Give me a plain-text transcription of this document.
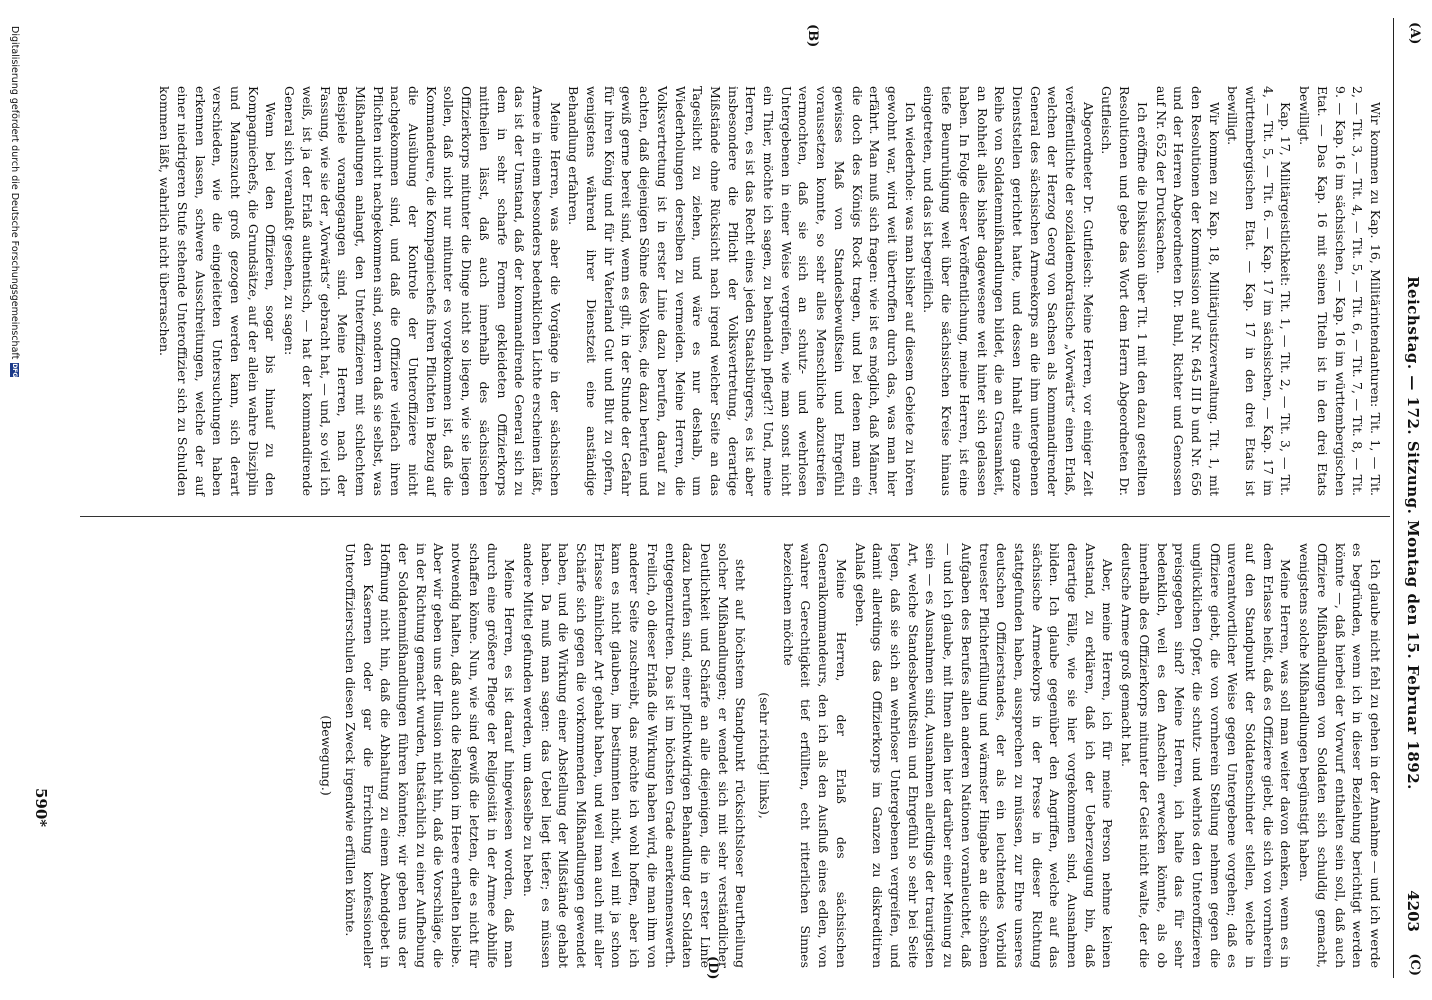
(A)
Reichstag. — 172. Sitzung. Montag den 15. Februar 1892.
4203
(C)
(B)
(D)

Wir kommen zu Kap. 16, Militärintendanturen: Tit. 1, — Tit. 2, — Tit. 3, — Tit. 4, — Tit. 5, — Tit. 6, — Tit. 7, — Tit. 8, — Tit. 9. — Kap. 16 im sächsischen, — Kap. 16 im württembergischen Etat. — Das Kap. 16 mit seinen Titeln ist in den drei Etats bewilligt.

Kap. 17, Militärgeistlichkeit: Tit. 1, — Tit. 2, — Tit. 3, — Tit. 4, — Tit. 5, — Tit. 6. — Kap. 17 im sächsischen, — Kap. 17 im württembergischen Etat. — Kap. 17 in den drei Etats ist bewilligt.

Wir kommen zu Kap. 18, Militärjustizverwaltung. Tit. 1, mit den Resolutionen der Kommission auf Nr. 645 III b und Nr. 656 und der Herren Abgeordneten Dr. Buhl, Richter und Genossen auf Nr. 652 der Drucksachen.

Ich eröffne die Diskussion über Tit. 1 mit den dazu gestellten Resolutionen und gebe das Wort dem Herrn Abgeordneten Dr. Gutfleisch.

Abgeordneter Dr. Gutfleisch: Meine Herren, vor einiger Zeit veröffentlichte der sozialdemokratische „Vorwärts“ einen Erlaß, welchen der Herzog Georg von Sachsen als kommandirender General des sächsischen Armeekorps an die ihm untergebenen Dienststellen gerichtet hatte, und dessen Inhalt eine ganze Reihe von Soldatenmißhandlungen bildet, die an Grausamkeit, an Rohheit alles bisher dagewesene weit hinter sich gelassen haben. In Folge dieser Veröffentlichung, meine Herren, ist eine tiefe Beunruhigung weit über die sächsischen Kreise hinaus eingetreten, und das ist begreiflich.

Ich wiederhole: was man bisher auf diesem Gebiete zu hören gewohnt war, wird weit übertroffen durch das, was man hier erfährt. Man muß sich fragen: wie ist es möglich, daß Männer, die doch des Königs Rock tragen, und bei denen man ein gewisses Maß von Standesbewußtsein und Ehrgefühl voraussetzen konnte, so sehr alles Menschliche abzustreifen vermochten, daß sie sich an schutz- und wehrlosen Untergebenen in einer Weise vergreifen, wie man sonst nicht ein Thier, möchte ich sagen, zu behandeln pflegt?! Und, meine Herren, es ist das Recht eines jeden Staatsbürgers, es ist aber insbesondere die Pflicht der Volksvertretung, derartige Mißstände ohne Rücksicht nach irgend welcher Seite an das Tageslicht zu ziehen, und wäre es nur deshalb, um Wiederholungen derselben zu vermeiden. Meine Herren, die Volksvertretung ist in erster Linie dazu berufen, darauf zu achten, daß diejenigen Söhne des Volkes, die dazu berufen und gewiß gerne bereit sind, wenn es gilt, in der Stunde der Gefahr für ihren König und für ihr Vaterland Gut und Blut zu opfern, wenigstens während ihrer Dienstzeit eine anständige Behandlung erfahren.

Meine Herren, was aber die Vorgänge in der sächsischen Armee in einem besonders bedenklichen Lichte erscheinen läßt, das ist der Umstand, daß der kommandirende General sich zu dem in sehr scharfe Formen gekleideten Offizierkorps mittheilen lässt, daß auch innerhalb des sächsischen Offizierkorps mitunter die Dinge nicht so liegen, wie sie liegen sollen, daß nicht nur mitunter es vorgekommen ist, daß die Kommandeure, die Kompagniechefs ihren Pflichten in Bezug auf die Ausübung der Kontrole der Unteroffiziere nicht nachgekommen sind, und daß die Offiziere vielfach ihren Pflichten nicht nachgekommen sind, sondern daß sie selbst, was Mißhandlungen anlangt, den Unteroffizieren mit schlechtem Beispiele vorangegangen sind. Meine Herren, nach der Fassung, wie sie der „Vorwärts“ gebracht hat, — und, so viel ich weiß, ist ja der Erlaß authentisch, — hat der kommandirende General sich veranlaßt gesehen, zu sagen:

Wenn bei den Offizieren, sogar bis hinauf zu den Kompagniechefs, die Grundsätze, auf der allein wahre Disziplin und Mannszucht groß gezogen werden kann, sich derart verschieden, wie die eingeleiteten Untersuchungen haben erkennen lassen, schwere Ausschreitungen, welche der auf einer niedrigeren Stufe stehende Unteroffizier sich zu Schulden kommen läßt, wahrlich nicht überraschen.

Ich glaube nicht fehl zu gehen in der Annahme — und ich werde es begründen, wenn ich in dieser Beziehung berichtigt werden könnte —, daß hierbei der Vorwurf enthalten sein soll, daß auch Offiziere Mißhandlungen von Soldaten sich schuldig gemacht, wenigstens solche Mißhandlungen begünstigt haben.

Meine Herren, was soll man weiter davon denken, wenn es in dem Erlasse heißt, daß es Offiziere giebt, die sich von vornherein auf den Standpunkt der Soldatenschinder stellen, welche in unverantwortlicher Weise gegen Untergebene vorgehen; daß es Offiziere giebt, die von vornherein Stellung nehmen gegen die unglücklichen Opfer, die schutz- und wehrlos den Unteroffizieren preisgegeben sind? Meine Herren, ich halte das für sehr bedenklich, weil es den Anschein erwecken könnte, als ob innerhalb des Offizierkorps mitunter der Geist nicht walte, der die deutsche Armee groß gemacht hat.

Aber, meine Herren, ich für meine Person nehme keinen Anstand, zu erklären, daß ich der Ueberzeugung bin, daß derartige Fälle, wie sie hier vorgekommen sind, Ausnahmen bilden. Ich glaube gegenüber den Angriffen, welche auf das sächsische Armeekorps in der Presse in dieser Richtung stattgefunden haben, aussprechen zu müssen, zur Ehre unseres deutschen Offizierstandes, der als ein leuchtendes Vorbild treuester Pflichterfüllung und wärmster Hingabe an die schönen Aufgaben des Berufes allen anderen Nationen voranleuchtet, daß — und ich glaube, mit Ihnen allen hier darüber einer Meinung zu sein — es Ausnahmen sind, Ausnahmen allerdings der traurigsten Art, welche Standesbewußtsein und Ehrgefühl so sehr bei Seite legen, daß sie sich an wehrloser Untergebenen vergreifen, und damit allerdings das Offizierkorps im Ganzen zu diskreditiren Anlaß geben.

Meine Herren, der Erlaß des sächsischen Generalkommandeurs, den ich als den Ausfluß eines edlen, von wahrer Gerechtigkeit tief erfüllten, echt ritterlichen Sinnes bezeichnen möchte

(sehr richtig! links),

steht auf höchstem Standpunkt rücksichtsloser Beurtheilung solcher Mißhandlungen; er wendet sich mit sehr verständlicher Deutlichkeit und Schärfe an alle diejenigen, die in erster Linie dazu berufen sind, einer pflichtwidrigen Behandlung der Soldaten entgegenzutreten. Das ist im höchsten Grade anerkennenswerth. Freilich, ob dieser Erlaß die Wirkung haben wird, die man ihm von anderer Seite zuschreibt, das möchte ich wohl hoffen, aber ich kann es nicht glauben, im bestimmten nicht, weil mit ja schon Erlasse ähnlicher Art gehabt haben, und weil man auch mit aller Schärfe sich gegen die vorkommenden Mißhandlungen gewendet haben, und die Wirkung einer Abstellung der Mißstände gehabt haben. Da muß man sagen: das Uebel liegt tiefer; es müssen andere Mittel gefunden werden, um dasselbe zu heben.

Meine Herren, es ist darauf hingewiesen worden, daß man durch eine größere Pflege der Religiosität in der Armee Abhilfe schaffen könne. Nun, wie sind gewiß die letzten, die es nicht für notwendig halten, daß auch die Religion im Heere erhalten bleibe. Aber wir geben uns der Illusion nicht hin, daß die Vorschläge, die in der Richtung gemacht wurden, thatsächlich zu einer Aufhebung der Soldatenmißhandlungen führen könnten; wir geben uns der Hoffnung nicht hin, daß die Abhaltung zu einem Abendgebet in den Kasernen oder gar die Errichtung konfessioneller Unteroffizierschulen diesen Zweck irgendwie erfüllen könnte.

(Bewegung.)

590*
Digitalisierung gefördert durch die Deutsche Forschungsgemeinschaft
DFG
